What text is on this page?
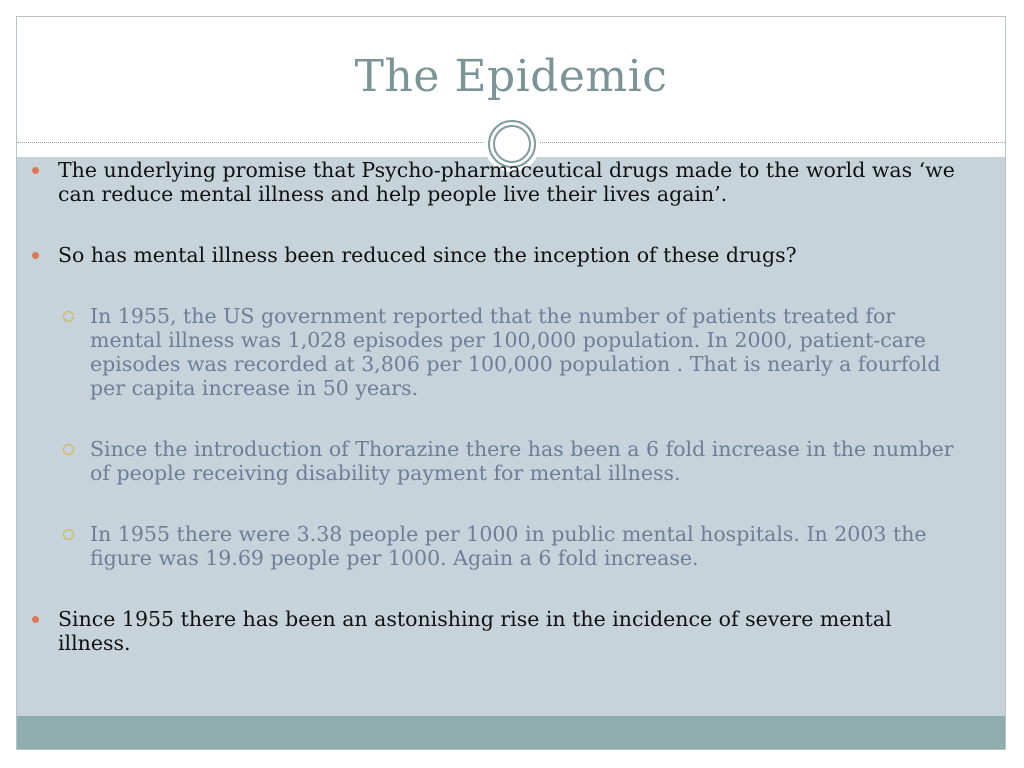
The Epidemic
The underlying promise that Psycho-pharmaceutical drugs made to the world was ‘we can reduce mental illness and help people live their lives again’.
So has mental illness been reduced since the inception of these drugs?
In 1955, the US government reported that the number of patients treated for mental illness was 1,028 episodes per 100,000 population. In 2000, patient-care episodes was recorded at 3,806 per 100,000 population . That is nearly a fourfold per capita increase in 50 years.
Since the introduction of Thorazine there has been a 6 fold increase in the number of people receiving disability payment for mental illness.
In 1955 there were 3.38 people per 1000 in public mental hospitals. In 2003 the figure was 19.69 people per 1000. Again a 6 fold increase.
Since 1955 there has been an astonishing rise in the incidence of severe mental illness.
